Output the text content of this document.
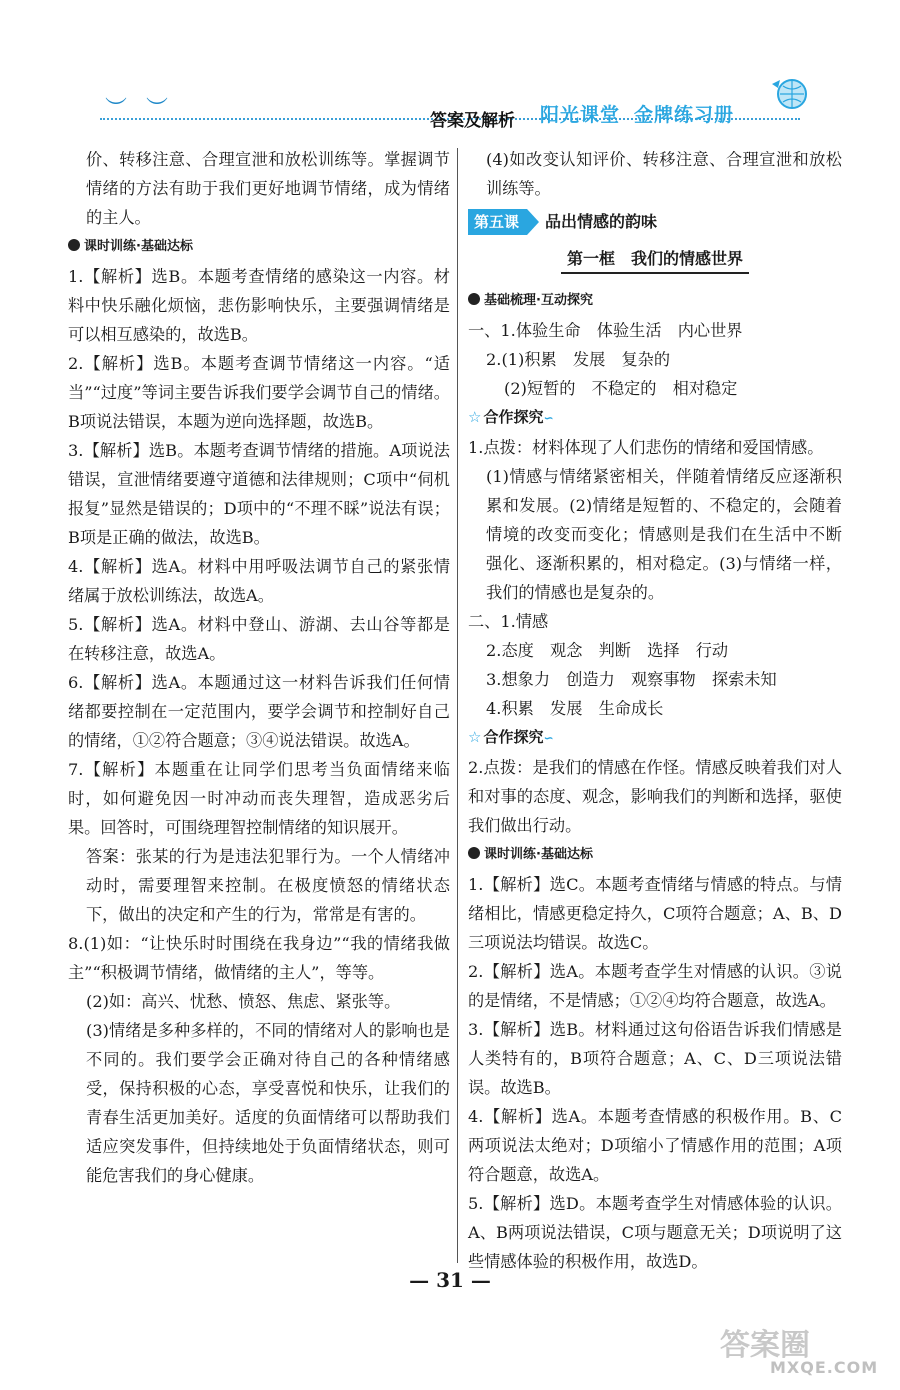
︶ ︶	答案及解析 阳光课堂 金牌练习册

价、转移注意、合理宣泄和放松训练等。掌握调节情绪的方法有助于我们更好地调节情绪，成为情绪的主人。

课时训练·基础达标

1.【解析】选B。本题考查情绪的感染这一内容。材料中快乐融化烦恼，悲伤影响快乐，主要强调情绪是可以相互感染的，故选B。

2.【解析】选B。本题考查调节情绪这一内容。“适当”“过度”等词主要告诉我们要学会调节自己的情绪。B项说法错误，本题为逆向选择题，故选B。

3.【解析】选B。本题考查调节情绪的措施。A项说法错误，宣泄情绪要遵守道德和法律规则；C项中“伺机报复”显然是错误的；D项中的“不理不睬”说法有误；B项是正确的做法，故选B。

4.【解析】选A。材料中用呼吸法调节自己的紧张情绪属于放松训练法，故选A。

5.【解析】选A。材料中登山、游湖、去山谷等都是在转移注意，故选A。

6.【解析】选A。本题通过这一材料告诉我们任何情绪都要控制在一定范围内，要学会调节和控制好自己的情绪，①②符合题意；③④说法错误。故选A。

7.【解析】本题重在让同学们思考当负面情绪来临时，如何避免因一时冲动而丧失理智，造成恶劣后果。回答时，可围绕理智控制情绪的知识展开。

答案：张某的行为是违法犯罪行为。一个人情绪冲动时，需要理智来控制。在极度愤怒的情绪状态下，做出的决定和产生的行为，常常是有害的。

8.(1)如：“让快乐时时围绕在我身边”“我的情绪我做主”“积极调节情绪，做情绪的主人”，等等。

(2)如：高兴、忧愁、愤怒、焦虑、紧张等。

(3)情绪是多种多样的，不同的情绪对人的影响也是不同的。我们要学会正确对待自己的各种情绪感受，保持积极的心态，享受喜悦和快乐，让我们的青春生活更加美好。适度的负面情绪可以帮助我们适应突发事件，但持续地处于负面情绪状态，则可能危害我们的身心健康。

(4)如改变认知评价、转移注意、合理宣泄和放松训练等。

第五课	品出情感的韵味
第一框　我们的情感世界
基础梳理·互动探究

一、1.体验生命　体验生活　内心世界

2.(1)积累　发展　复杂的

(2)短暂的　不稳定的　相对稳定

☆ 合作探究∽

1.点拨：材料体现了人们悲伤的情绪和爱国情感。

(1)情感与情绪紧密相关，伴随着情绪反应逐渐积累和发展。(2)情绪是短暂的、不稳定的，会随着情境的改变而变化；情感则是我们在生活中不断强化、逐渐积累的，相对稳定。(3)与情绪一样，我们的情感也是复杂的。

二、1.情感

2.态度　观念　判断　选择　行动

3.想象力　创造力　观察事物　探索未知

4.积累　发展　生命成长

☆ 合作探究∽

2.点拨：是我们的情感在作怪。情感反映着我们对人和对事的态度、观念，影响我们的判断和选择，驱使我们做出行动。

课时训练·基础达标

1.【解析】选C。本题考查情绪与情感的特点。与情绪相比，情感更稳定持久，C项符合题意；A、B、D三项说法均错误。故选C。

2.【解析】选A。本题考查学生对情感的认识。③说的是情绪，不是情感；①②④均符合题意，故选A。

3.【解析】选B。材料通过这句俗语告诉我们情感是人类特有的，B项符合题意；A、C、D三项说法错误。故选B。

4.【解析】选A。本题考查情感的积极作用。B、C两项说法太绝对；D项缩小了情感作用的范围；A项符合题意，故选A。

5.【解析】选D。本题考查学生对情感体验的认识。A、B两项说法错误，C项与题意无关；D项说明了这些情感体验的积极作用，故选D。

— 31 —
答案圈
MXQE.COM
